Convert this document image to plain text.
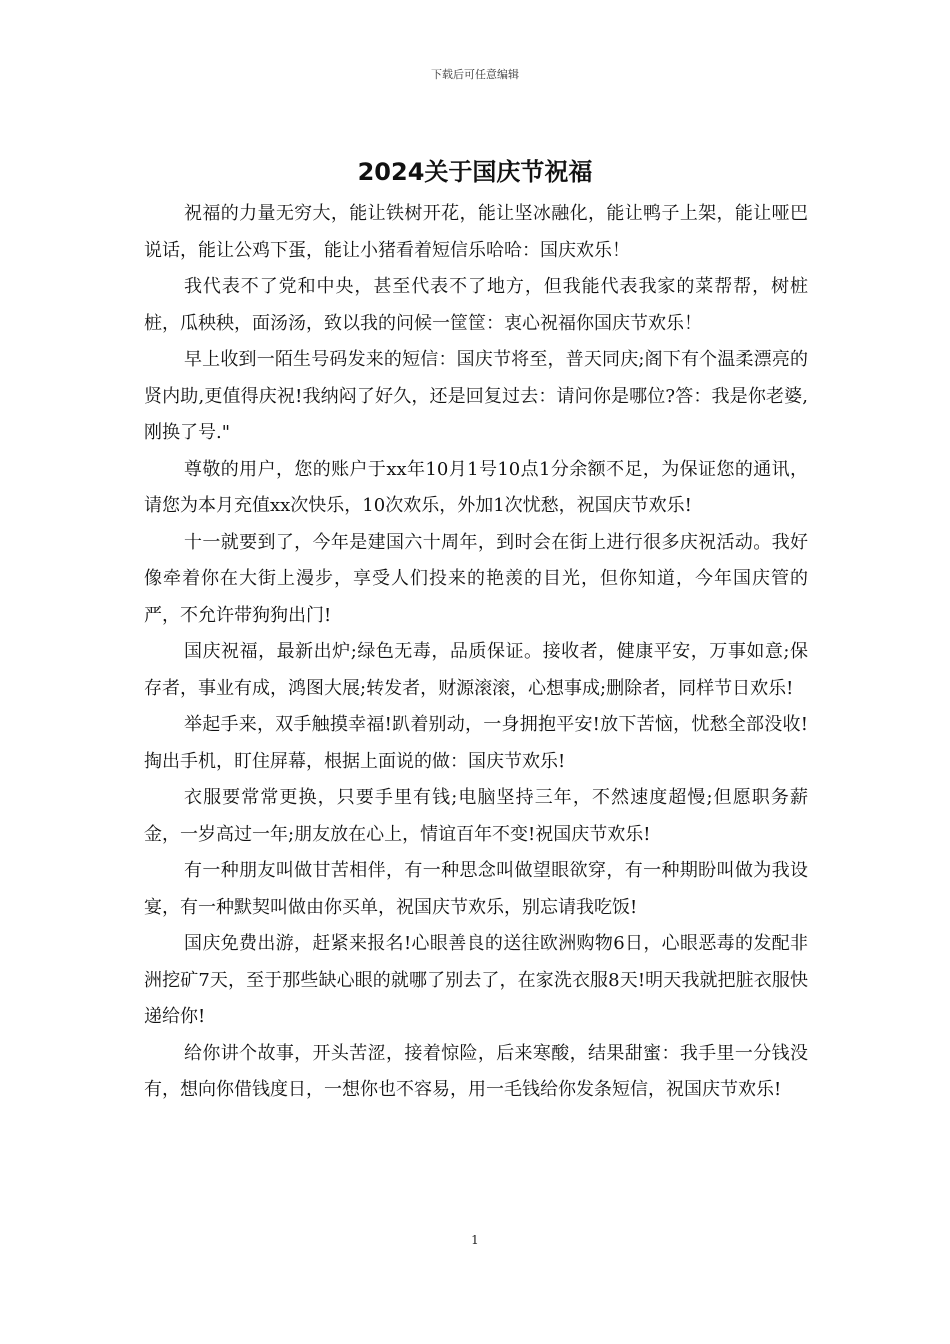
下载后可任意编辑
2024关于国庆节祝福

祝福的力量无穷大，能让铁树开花，能让坚冰融化，能让鸭子上架，能让哑巴说话，能让公鸡下蛋，能让小猪看着短信乐哈哈：国庆欢乐！

我代表不了党和中央，甚至代表不了地方，但我能代表我家的菜帮帮，树桩桩，瓜秧秧，面汤汤，致以我的问候一筐筐：衷心祝福你国庆节欢乐！

早上收到一陌生号码发来的短信：国庆节将至，普天同庆;阁下有个温柔漂亮的贤内助,更值得庆祝!我纳闷了好久，还是回复过去：请问你是哪位?答：我是你老婆,刚换了号."

尊敬的用户，您的账户于xx年10月1号10点1分余额不足，为保证您的通讯，请您为本月充值xx次快乐，10次欢乐，外加1次忧愁，祝国庆节欢乐!

十一就要到了，今年是建国六十周年，到时会在街上进行很多庆祝活动。我好像牵着你在大街上漫步，享受人们投来的艳羡的目光，但你知道，今年国庆管的严，不允许带狗狗出门!

国庆祝福，最新出炉;绿色无毒，品质保证。接收者，健康平安，万事如意;保存者，事业有成，鸿图大展;转发者，财源滚滚，心想事成;删除者，同样节日欢乐!

举起手来，双手触摸幸福!趴着别动，一身拥抱平安!放下苦恼，忧愁全部没收!掏出手机，盯住屏幕，根据上面说的做：国庆节欢乐!

衣服要常常更换，只要手里有钱;电脑坚持三年，不然速度超慢;但愿职务薪金，一岁高过一年;朋友放在心上，情谊百年不变!祝国庆节欢乐!

有一种朋友叫做甘苦相伴，有一种思念叫做望眼欲穿，有一种期盼叫做为我设宴，有一种默契叫做由你买单，祝国庆节欢乐，别忘请我吃饭!

国庆免费出游，赶紧来报名!心眼善良的送往欧洲购物6日，心眼恶毒的发配非洲挖矿7天，至于那些缺心眼的就哪了别去了，在家洗衣服8天!明天我就把脏衣服快递给你!

给你讲个故事，开头苦涩，接着惊险，后来寒酸，结果甜蜜：我手里一分钱没有，想向你借钱度日，一想你也不容易，用一毛钱给你发条短信，祝国庆节欢乐!

1
